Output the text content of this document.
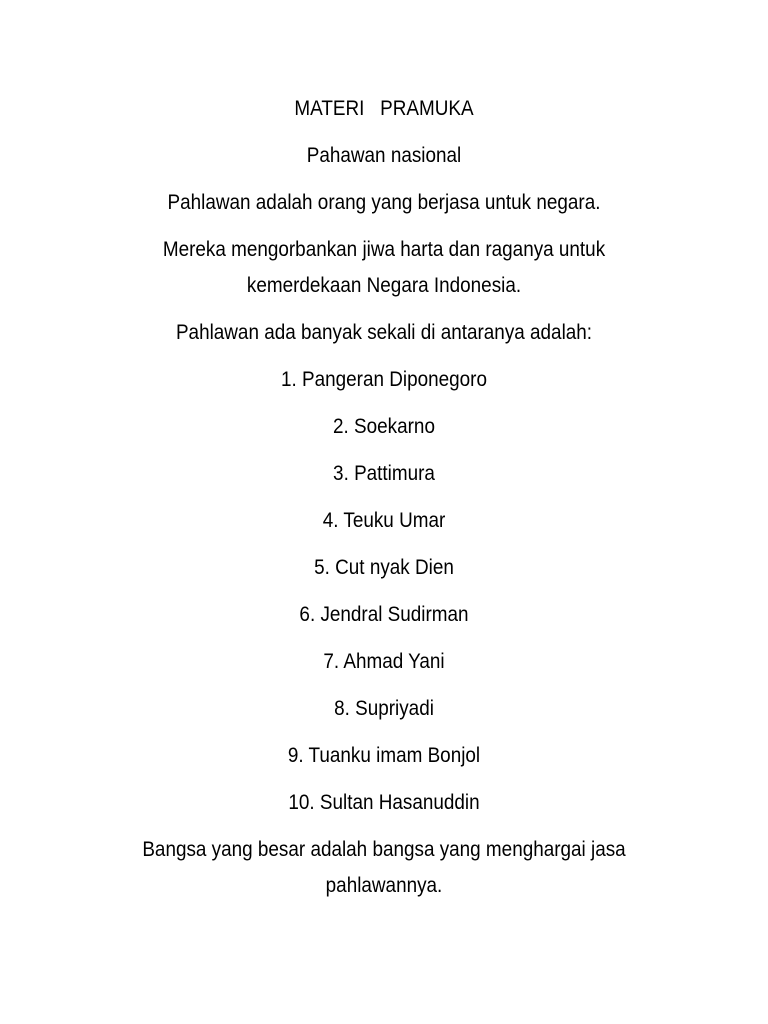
MATERI   PRAMUKA

Pahawan nasional

Pahlawan adalah orang yang berjasa untuk negara.

Mereka mengorbankan jiwa harta dan raganya untuk
kemerdekaan Negara Indonesia.

Pahlawan ada banyak sekali di antaranya adalah:

1. Pangeran Diponegoro
2. Soekarno
3. Pattimura
4. Teuku Umar
5. Cut nyak Dien
6. Jendral Sudirman
7. Ahmad Yani
8. Supriyadi
9. Tuanku imam Bonjol
10. Sultan Hasanuddin

Bangsa yang besar adalah bangsa yang menghargai jasa
pahlawannya.
